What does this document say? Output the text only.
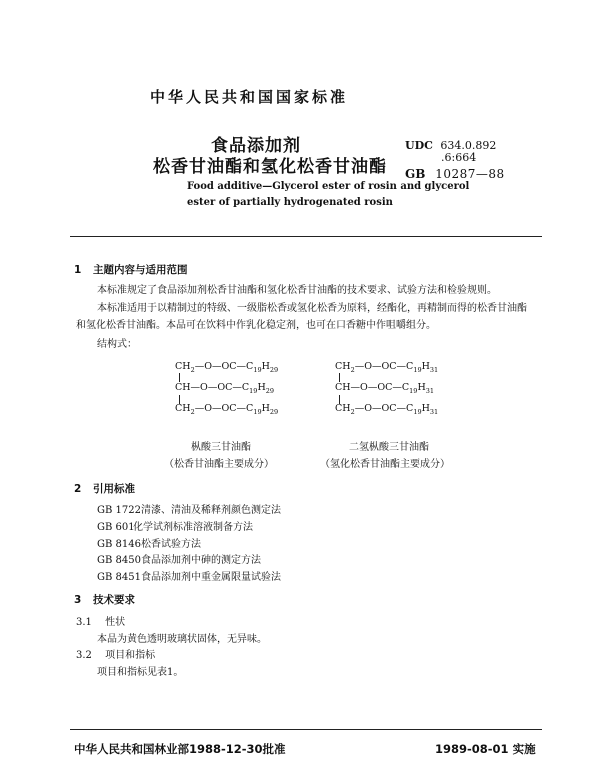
中华人民共和国国家标准
食品添加剂
松香甘油酯和氢化松香甘油酯
Food additive—Glycerol ester of rosin and glycerol
ester of partially hydrogenated rosin
UDC 634.0.892
.6:664
GB 10287—88
1 主题内容与适用范围
本标准规定了食品添加剂松香甘油酯和氢化松香甘油酯的技术要求、试验方法和检验规则。
本标准适用于以精制过的特级、一级脂松香或氢化松香为原料，经酯化，再精制而得的松香甘油酯
和氢化松香甘油酯。本品可在饮料中作乳化稳定剂，也可在口香糖中作咀嚼组分。
结构式：
$CH_2—O—OC—C_{19}H_{29}$
$CH—O—OC—C_{19}H_{29}$
$CH_2—O—OC—C_{19}H_{29}$
枞酸三甘油酯
（松香甘油酯主要成分）
$CH_2—O—OC—C_{19}H_{31}$
$CH—O—OC—C_{19}H_{31}$
$CH_2—O—OC—C_{19}H_{31}$
二氢枞酸三甘油酯
（氢化松香甘油酯主要成分）
2 引用标准
GB 1722清漆、清油及稀释剂颜色测定法
GB 601化学试剂标准溶液制备方法
GB 8146松香试验方法
GB 8450食品添加剂中砷的测定方法
GB 8451食品添加剂中重金属限量试验法
3 技术要求
3.1 性状
本品为黄色透明玻璃状固体，无异味。
3.2 项目和指标
项目和指标见表1。
中华人民共和国林业部1988-12-30批准	1989-08-01 实施
